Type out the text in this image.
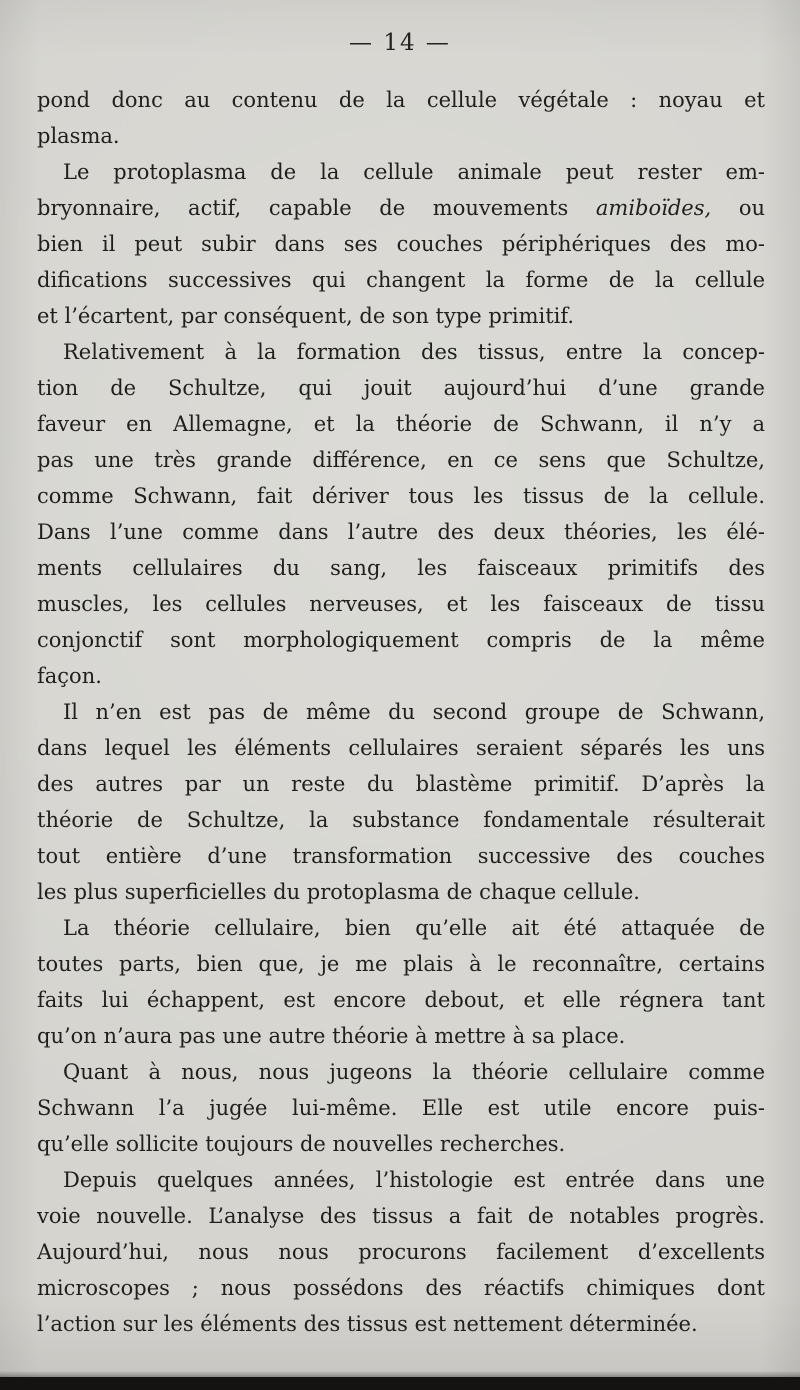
— 14 —
pond donc au contenu de la cellule végétale : noyau et
plasma.
Le protoplasma de la cellule animale peut rester em-
bryonnaire, actif, capable de mouvements amiboïdes, ou
bien il peut subir dans ses couches périphériques des mo-
difications successives qui changent la forme de la cellule
et l’écartent, par conséquent, de son type primitif.
Relativement à la formation des tissus, entre la concep-
tion de Schultze, qui jouit aujourd’hui d’une grande
faveur en Allemagne, et la théorie de Schwann, il n’y a
pas une très grande différence, en ce sens que Schultze,
comme Schwann, fait dériver tous les tissus de la cellule.
Dans l’une comme dans l’autre des deux théories, les élé-
ments cellulaires du sang, les faisceaux primitifs des
muscles, les cellules nerveuses, et les faisceaux de tissu
conjonctif sont morphologiquement compris de la même
façon.
Il n’en est pas de même du second groupe de Schwann,
dans lequel les éléments cellulaires seraient séparés les uns
des autres par un reste du blastème primitif. D’après la
théorie de Schultze, la substance fondamentale résulterait
tout entière d’une transformation successive des couches
les plus superficielles du protoplasma de chaque cellule.
La théorie cellulaire, bien qu’elle ait été attaquée de
toutes parts, bien que, je me plais à le reconnaître, certains
faits lui échappent, est encore debout, et elle régnera tant
qu’on n’aura pas une autre théorie à mettre à sa place.
Quant à nous, nous jugeons la théorie cellulaire comme
Schwann l’a jugée lui-même. Elle est utile encore puis-
qu’elle sollicite toujours de nouvelles recherches.
Depuis quelques années, l’histologie est entrée dans une
voie nouvelle. L’analyse des tissus a fait de notables progrès.
Aujourd’hui, nous nous procurons facilement d’excellents
microscopes ; nous possédons des réactifs chimiques dont
l’action sur les éléments des tissus est nettement déterminée.
